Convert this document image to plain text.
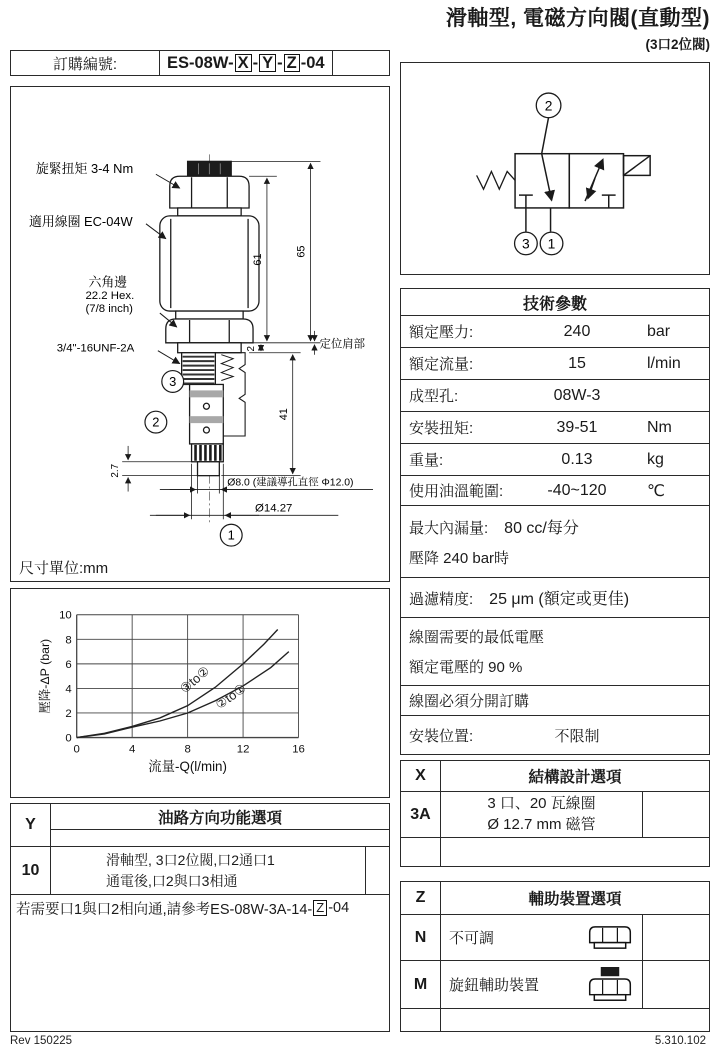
滑軸型, 電磁方向閥(直動型)
(3口2位閥)
訂購編號:	ES-08W- X - Y - Z -04
旋緊扭矩 3-4 Nm
適用線圈 EC-04W
六角邊
22.2 Hex.
(7/8 inch)
3/4"-16UNF-2A	定位肩部
61
65
2
41
2.7
Ø8.0 (建議導孔直徑 Φ12.0)
Ø14.27
3
2
1
尺寸單位:mm
0	4	8	12	16
0
2
4
6
8
10
③to② ②to①
流量-Q(l/min)
壓降-ΔP (bar)
Y	油路方向功能選項
10
滑軸型, 3口2位閥,口2通口1
通電後,口2與口3相通
若需要口1與口2相向通,請參考ES-08W-3A-14- Z -04
Rev 150225
2
3 1
技術參數
額定壓力:	240	bar
額定流量:	15	l/min
成型孔:	08W-3
安裝扭矩:	39-51	Nm
重量:	0.13	kg
使用油溫範圍:	-40~120	℃
最大內漏量: 80 cc/每分
壓降 240 bar時
過濾精度: 25 μm (額定或更佳)
線圈需要的最低電壓
額定電壓的 90 %
線圈必須分開訂購
安裝位置:	不限制
X	結構設計選項
3A
3 口、20 瓦線圈
Ø 12.7 mm 磁管
Z	輔助裝置選項
N	不可調
M	旋鈕輔助裝置
5.310.102
